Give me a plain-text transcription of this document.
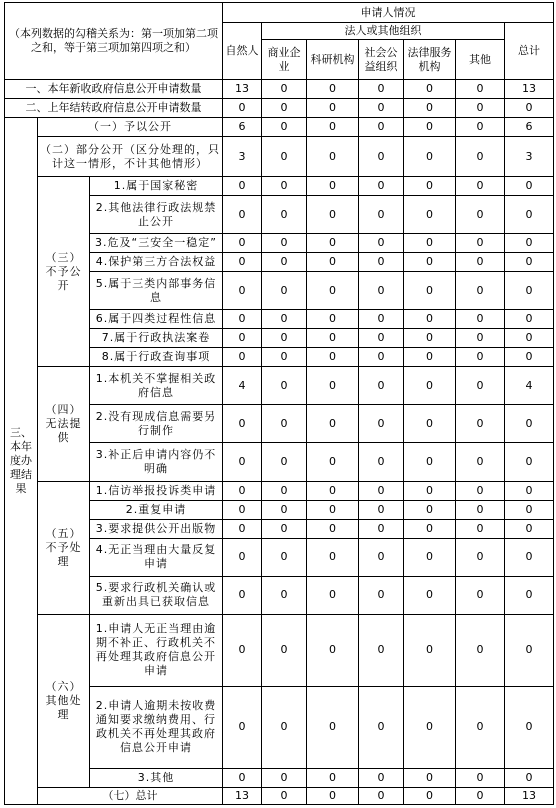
（本列数据的勾稽关系为：第一项加第二项之和，等于第三项加第四项之和）			申请人情况						
			自然人	法人或其他组织					总计
				商业企业	科研机构	社会公益组织	法律服务机构	其他	
一、本年新收政府信息公开申请数量			13	0	0	0	0	0	13
二、上年结转政府信息公开申请数量			0	0	0	0	0	0	0
三、本年度办理结果	（一）予以公开		6	0	0	0	0	0	6
	（二）部分公开（区分处理的，只计这一情形，不计其他情形）		3	0	0	0	0	0	3
	（三）不予公开	1.属于国家秘密	0	0	0	0	0	0	0
		2.其他法律行政法规禁止公开	0	0	0	0	0	0	0
		3.危及“三安全一稳定”	0	0	0	0	0	0	0
		4.保护第三方合法权益	0	0	0	0	0	0	0
		5.属于三类内部事务信息	0	0	0	0	0	0	0
		6.属于四类过程性信息	0	0	0	0	0	0	0
		7.属于行政执法案卷	0	0	0	0	0	0	0
		8.属于行政查询事项	0	0	0	0	0	0	0
	（四）无法提供	1.本机关不掌握相关政府信息	4	0	0	0	0	0	4
		2.没有现成信息需要另行制作	0	0	0	0	0	0	0
		3.补正后申请内容仍不明确	0	0	0	0	0	0	0
	（五）不予处理	1.信访举报投诉类申请	0	0	0	0	0	0	0
		2.重复申请	0	0	0	0	0	0	0
		3.要求提供公开出版物	0	0	0	0	0	0	0
		4.无正当理由大量反复申请	0	0	0	0	0	0	0
		5.要求行政机关确认或重新出具已获取信息	0	0	0	0	0	0	0
	（六）其他处理	1.申请人无正当理由逾期不补正、行政机关不再处理其政府信息公开申请	0	0	0	0	0	0	0
		2.申请人逾期未按收费通知要求缴纳费用、行政机关不再处理其政府信息公开申请	0	0	0	0	0	0	0
		3.其他	0	0	0	0	0	0	0
	（七）总计		13	0	0	0	0	0	13
